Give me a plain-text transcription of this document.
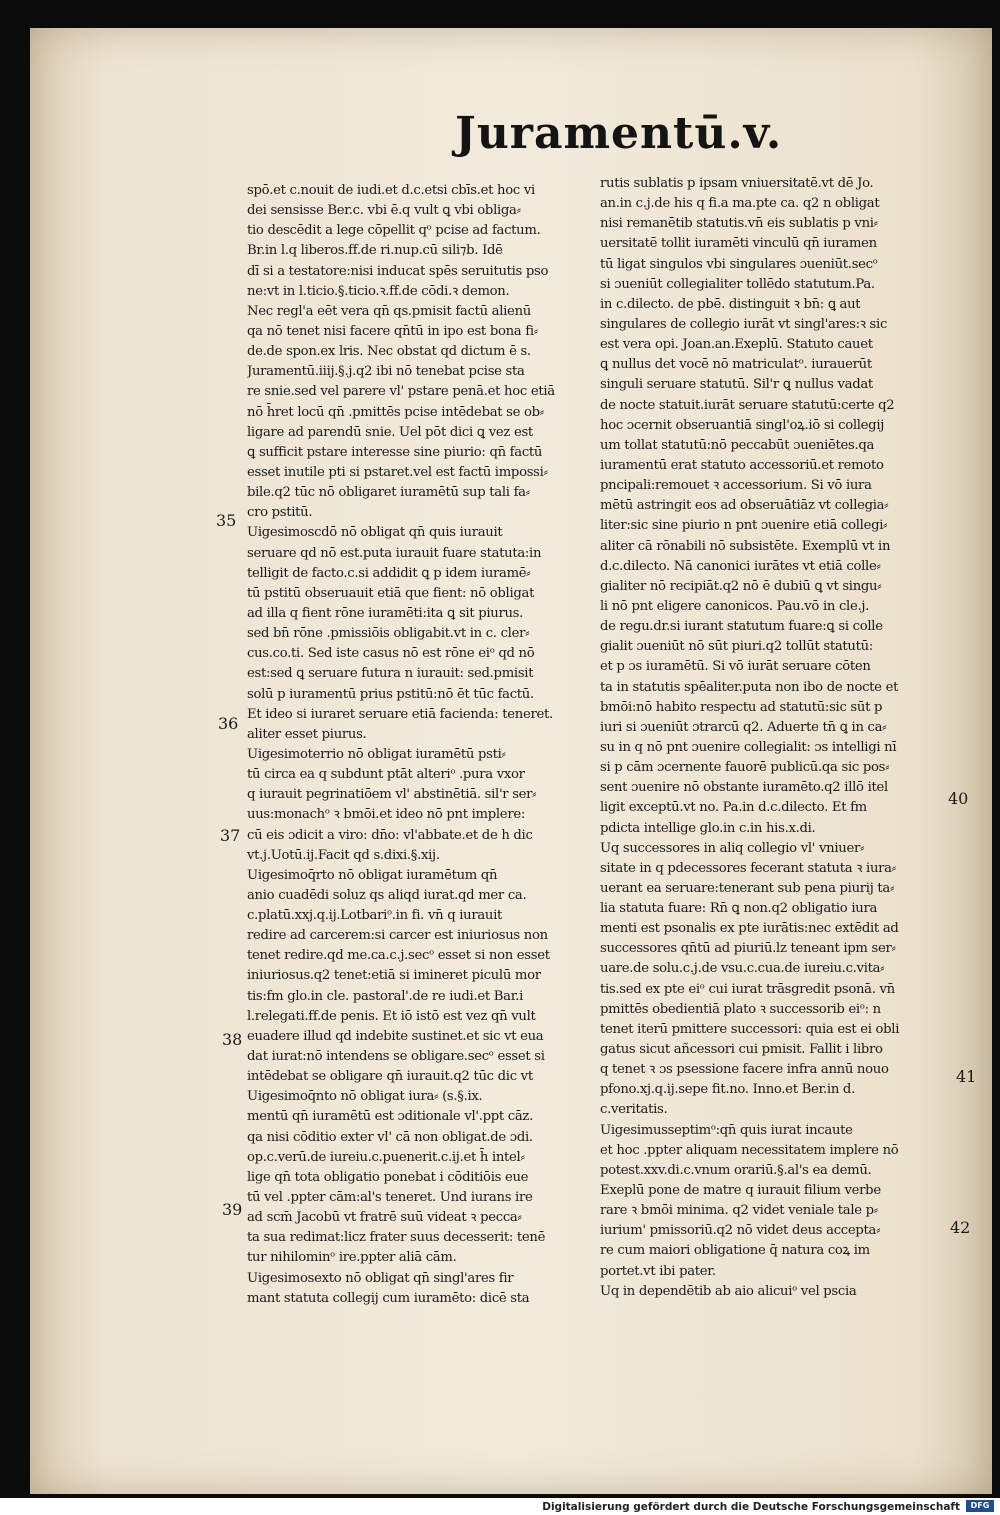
Juramentū.v.
spō.et c.nouit de iudi.et d.c.etsi cbīs.et hoc vi
dei sensisse Ber.c. vbi ē.q vult ꝗ vbi obliga⸗
tio descēdit a lege cōpellit qᵒ pcise ad factum.
Br.in l.q liberos.ff.de ri.nup.cū sili⁊b. Idē
dī si a testatore:nisi inducat spēs seruitutis pso
ne:vt in l.ticio.§.ticio.ꝛ.ff.de cōdi.ꝛ demon.
Nec regl'a eēt vera qn̄ qs.pmisit factū alienū
qa nō tenet nisi facere qn̄tū in ipo est bona fi⸗
de.de spon.ex lris. Nec obstat qd dictum ē s.
Juramentū.iiij.§.j.q2 ibi nō tenebat pcise sta
re snie.sed vel parere vl' pstare penā.et hoc etiā
nō h̄ret locū qn̄ .pmittēs pcise intēdebat se ob⸗
ligare ad parendū snie. Uel pōt dici ꝗ vez est
ꝗ sufficit pstare interesse sine piurio: qn̄ factū
esset inutile pti si pstaret.vel est factū impossi⸗
bile.q2 tūc nō obligaret iuramētū sup tali fa⸗
cro pstitū.
Uigesimoscdō nō obligat qn̄ quis iurauit
seruare qd nō est.puta iurauit fuare statuta:in
telligit de facto.c.si addidit ꝗ p idem iuramē⸗
tū pstitū obseruauit etiā que fient: nō obligat
ad illa q fient rōne iuramēti:ita ꝗ sit piurus.
sed bn̄ rōne .pmissiōis obligabit.vt in c. cler⸗
cus.co.ti. Sed iste casus nō est rōne eiᵒ qd nō
est:sed ꝗ seruare futura n iurauit: sed.pmisit
solū p iuramentū prius pstitū:nō ēt tūc factū.
Et ideo si iuraret seruare etiā facienda: teneret.
aliter esset piurus.
Uigesimoterrio nō obligat iuramētū psti⸗
tū circa ea q subdunt ptāt alteriᵒ .pura vxor
q iurauit pegrinatiōem vl' abstinētiā. sil'r ser⸗
uus:monachᵒ ꝛ bmōi.et ideo nō pnt implere:
cū eis ɔdicit a viro: dn̄o: vl'abbate.et de h dic
vt.j.Uotū.ij.Facit qd s.dixi.§.xij.
Uigesimoq̄rto nō obligat iuramētum qn̄
anio cuadēdi soluz qs aliqd iurat.qd mer ca.
c.platū.xxj.q.ij.Lotbariᵒ.in fi. vn̄ q iurauit
redire ad carcerem:si carcer est iniuriosus non
tenet redire.qd me.ca.c.j.secᵒ esset si non esset
iniuriosus.q2 tenet:etiā si imineret piculū mor
tis:fm glo.in cle. pastoral'.de re iudi.et Bar.i
l.relegati.ff.de penis. Et iō istō est vez qn̄ vult
euadere illud qd indebite sustinet.et sic vt eua
dat iurat:nō intendens se obligare.secᵒ esset si
intēdebat se obligare qn̄ iurauit.q2 tūc dic vt
Uigesimoq̄nto nō obligat iura⸗ (s.§.ix.
mentū qn̄ iuramētū est ɔditionale vl'.ppt cāz.
qa nisi cōditio exter vl' cā non obligat.de ɔdi.
op.c.verū.de iureiu.c.puenerit.c.ij.et h̄ intel⸗
lige qn̄ tota obligatio ponebat i cōditiōis eue
tū vel .ppter cām:al's teneret. Und iurans ire
ad scm̄ Jacobū vt fratrē suū videat ꝛ pecca⸗
ta sua redimat:licz frater suus decesserit: tenē
tur nihilominᵒ ire.ppter aliā cām.
Uigesimosexto nō obligat qn̄ singl'ares fir
mant statuta collegij cum iuramēto: dicē sta
rutis sublatis p ipsam vniuersitatē.vt dē Jo.
an.in c.j.de his q fi.a ma.pte ca. q2 n obligat
nisi remanētib statutis.vn̄ eis sublatis p vni⸗
uersitatē tollit iuramēti vinculū qn̄ iuramen
tū ligat singulos vbi singulares ɔueniūt.secᵒ
si ɔueniūt collegialiter tollēdo statutum.Pa.
in c.dilecto. de pbē. distinguit ꝛ bn̄: ꝗ aut
singulares de collegio iurāt vt singl'ares:ꝛ sic
est vera opi. Joan.an.Exeplū. Statuto cauet
ꝗ nullus det vocē nō matriculatᵒ. iurauerūt
singuli seruare statutū. Sil'r ꝗ nullus vadat
de nocte statuit.iurāt seruare statutū:certe q2
hoc ɔcernit obseruantiā singl'oꝝ.iō si collegij
um tollat statutū:nō peccabūt ɔueniētes.qa
iuramentū erat statuto accessoriū.et remoto
pncipali:remouet ꝛ accessorium. Si vō iura
mētū astringit eos ad obseruātiāz vt collegia⸗
liter:sic sine piurio n pnt ɔuenire etiā collegi⸗
aliter cā rōnabili nō subsistēte. Exemplū vt in
d.c.dilecto. Nā canonici iurātes vt etiā colle⸗
gialiter nō recipiāt.q2 nō ē dubiū ꝗ vt singu⸗
li nō pnt eligere canonicos. Pau.vō in cle.j.
de regu.dr.si iurant statutum fuare:ꝗ si colle
gialit ɔueniūt nō sūt piuri.q2 tollūt statutū:
et p ɔs iuramētū. Si vō iurāt seruare cōten
ta in statutis spēaliter.puta non ibo de nocte et
bmōi:nō habito respectu ad statutū:sic sūt p
iuri si ɔueniūt ɔtrarcū q2. Aduerte tn̄ ꝗ in ca⸗
su in q nō pnt ɔuenire collegialit: ɔs intelligi nī
si p cām ɔcernente fauorē publicū.qa sic pos⸗
sent ɔuenire nō obstante iuramēto.q2 illō itel
ligit exceptū.vt no. Pa.in d.c.dilecto. Et fm
pdicta intellige glo.in c.in his.x.di.
Uq successores in aliq collegio vl' vniuer⸗
sitate in q pdecessores fecerant statuta ꝛ iura⸗
uerant ea seruare:tenerant sub pena piurij ta⸗
lia statuta fuare: Rn̄ ꝗ non.q2 obligatio iura
menti est psonalis ex pte iurātis:nec extēdit ad
successores qn̄tū ad piuriū.lz teneant ipm ser⸗
uare.de solu.c.j.de vsu.c.cua.de iureiu.c.vita⸗
tis.sed ex pte eiᵒ cui iurat trāsgredit psonā. vn̄
pmittēs obedientiā plato ꝛ successorib eiᵒ: n
tenet iterū pmittere successori: quia est ei obli
gatus sicut añcessori cui pmisit. Fallit i libro
q tenet ꝛ ɔs psessione facere infra annū nouo
pfono.xj.q.ij.sepe fit.no. Inno.et Ber.in d.
c.veritatis.
Uigesimusseptimᵒ:qn̄ quis iurat incaute
et hoc .ppter aliquam necessitatem implere nō
potest.xxv.di.c.vnum orariū.§.al's ea demū.
Exeplū pone de matre q iurauit filium verbe
rare ꝛ bmōi minima. q2 videt veniale tale p⸗
iurium' pmissoriū.q2 nō videt deus accepta⸗
re cum maiori obligatione q̄ natura coꝝ im
portet.vt ibi pater.
Uq in dependētib ab aio alicuiᵒ vel pscia
35
36
37
38
39
40
41
42
Digitalisierung gefördert durch die Deutsche Forschungsgemeinschaft	DFG
